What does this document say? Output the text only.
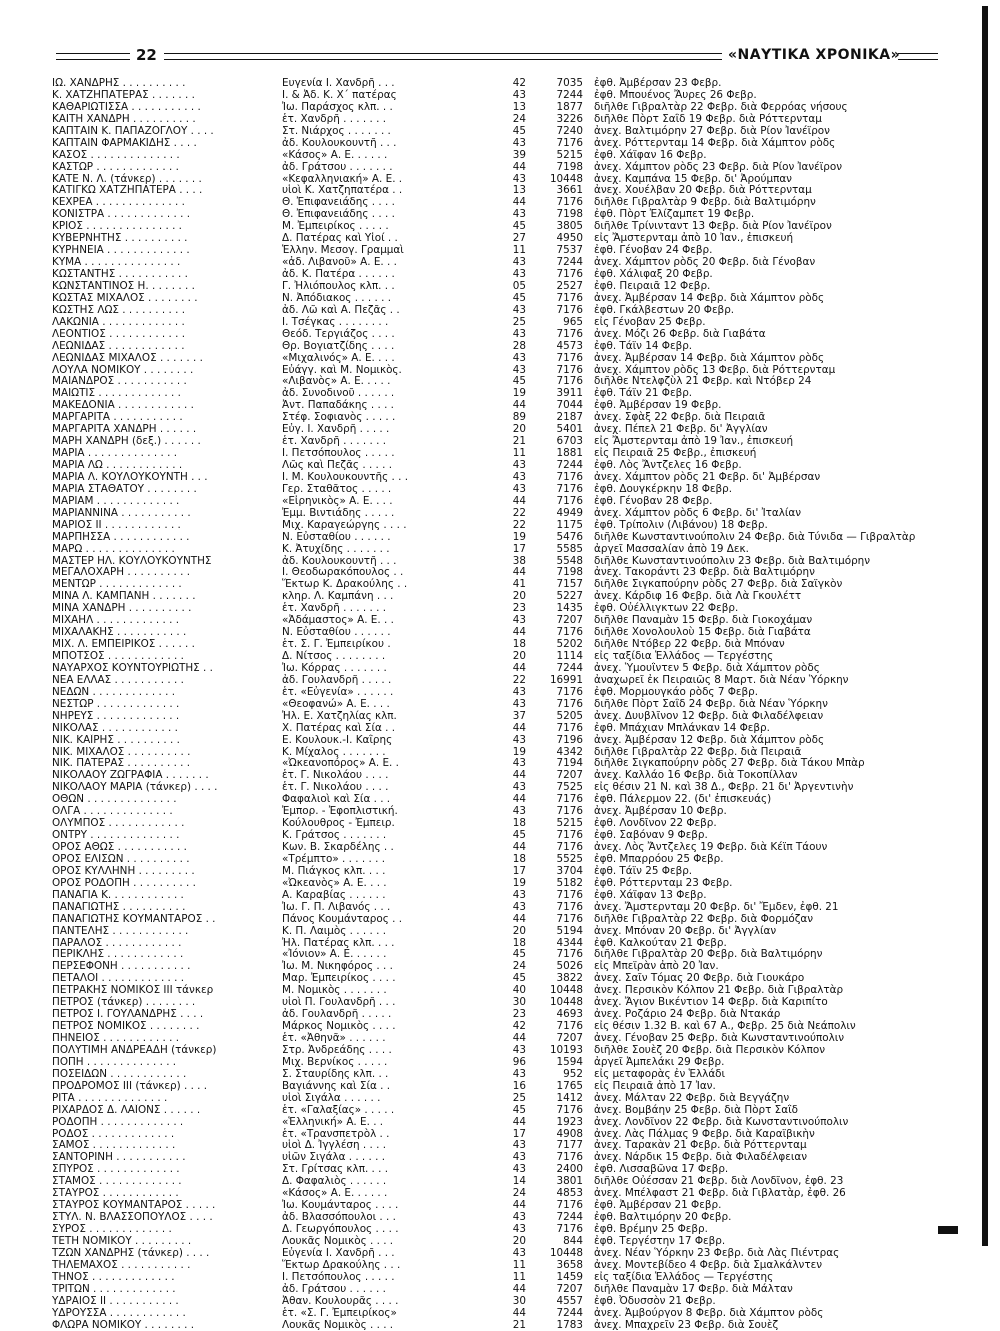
22	«ΝΑΥΤΙΚΑ ΧΡΟΝΙΚΑ»
ΙΩ. ΧΑΝΔΡΗΣ . . . . . . . . . .	Ευγενία Ι. Χανδρῆ . . .	42	7035 ἐφθ. Ἀμβέρσαν 23 Φεβρ.
Κ. ΧΑΤΖΗΠΑΤΕΡΑΣ . . . . . . .	Ι. & Ἀδ. Κ. Χ΄ πατέρας	43	7244 ἐφθ. Μπουένος Ἄυρες 26 Φεβρ.
ΚΑΘΑΡΙΩΤΙΣΣΑ . . . . . . . . . . .	Ἰω. Παράσχος κλπ. . .	13	1877 διῆλθε Γιβραλτὰρ 22 Φεβρ. διὰ Φερρόας νήσους
ΚΑΙΤΗ ΧΑΝΔΡΗ . . . . . . . . . .	ἑτ. Χανδρῆ . . . . . . .	24	3226 διῆλθε Πὸρτ Σαΐδ 19 Φεβρ. διὰ Ρόττερνταμ
ΚΑΠΤΑΙΝ Κ. ΠΑΠΑΖΟΓΛΟΥ . . . .	Στ. Νιάρχος . . . . . . .	45	7240 ἀνεχ. Βαλτιμόρην 27 Φεβρ. διὰ Ρίον Ἰανέϊρον
ΚΑΠΤΑΙΝ ΦΑΡΜΑΚΙΔΗΣ . . . .	ἀδ. Κουλουκουντῆ . . .	43	7176 ἀνεχ. Ρόττερνταμ 14 Φεβρ. διὰ Χάμπτον ρὸδς
ΚΑΣΟΣ . . . . . . . . . . . . . .	«Κάσος» Α. Ε. . . . . .	39	5215 ἐφθ. Χάϊφαν 16 Φεβρ.
ΚΑΣΤΩΡ . . . . . . . . . . . . .	ἀδ. Γράτσου . . . . . . .	44	7198 ἀνεχ. Χάμπτον ρὸδς 23 Φεβρ. διὰ Ρίον Ἰανέϊρον
ΚΑΤΕ Ν. Λ. (τάνκερ) . . . . . . .	«Κεφαλληνιακή» Α. Ε. .	43	10448 ἀνεχ. Καμπάνα 15 Φεβρ. δι' Ἀρούμπαν
ΚΑΤΙΓΚΩ ΧΑΤΖΗΠΑΤΕΡΑ . . . .	υἱοὶ Κ. Χατζηπατέρα . .	13	3661 ἀνεχ. Χουέλβαν 20 Φεβρ. διὰ Ρόττερνταμ
ΚΕΧΡΕΑ . . . . . . . . . . . . . .	Θ. Ἐπιφανειάδης . . . .	44	7176 διῆλθε Γιβραλτὰρ 9 Φεβρ. διὰ Βαλτιμόρην
ΚΟΝΙΣΤΡΑ . . . . . . . . . . . . .	Θ. Ἐπιφανειάδης . . . .	43	7198 ἐφθ. Πὸρτ Ἐλίζαμπετ 19 Φεβρ.
ΚΡΙΟΣ . . . . . . . . . . . . . . .	Μ. Ἐμπειρίκος . . . . .	45	3805 διῆλθε Τρίνινταντ 13 Φεβρ. διὰ Ρίον Ἰανέϊρον
ΚΥΒΕΡΝΗΤΗΣ . . . . . . . . . .	Δ. Πατέρας καὶ Υἱοί . .	27	4950 εἰς Ἄμστερνταμ ἀπὸ 10 Ἰαν., ἐπισκευή
ΚΥΡΗΝΕΙΑ . . . . . . . . . . . . .	Ἑλλην. Μεσογ. Γραμμαὶ	11	7537 ἐφθ. Γένοβαν 24 Φεβρ.
ΚΥΜΑ . . . . . . . . . . . . . . .	«ἀδ. Λιβανοῦ» Α. Ε. . .	43	7244 ἀνεχ. Χάμπτον ρὸδς 20 Φεβρ. διὰ Γένοβαν
ΚΩΣΤΑΝΤΗΣ . . . . . . . . . . .	ἀδ. Κ. Πατέρα . . . . . .	43	7176 ἐφθ. Χάλιφαξ 20 Φεβρ.
ΚΩΝΣΤΑΝΤΙΝΟΣ Η. . . . . . . .	Γ. Ἠλιόπουλος κλπ. . .	05	2527 ἐφθ. Πειραιᾶ 12 Φεβρ.
ΚΩΣΤΑΣ ΜΙΧΑΛΟΣ . . . . . . . .	Ν. Ἀπόδιακος . . . . . .	45	7176 ἀνεχ. Ἀμβέρσαν 14 Φεβρ. διὰ Χάμπτον ρὸδς
ΚΩΣΤΗΣ ΛΩΣ . . . . . . . . . .	ἀδ. Λῶ καὶ Α. Πεζᾶς . .	43	7176 ἐφθ. Γκάλβεστων 20 Φεβρ.
ΛΑΚΩΝΙΑ . . . . . . . . . . . . .	Ι. Τσέγκας . . . . . . . .	25	965 εἰς Γένοβαν 25 Φεβρ.
ΛΕΟΝΤΙΟΣ . . . . . . . . . . . .	Θεόδ. Τεργιάζος . . . .	43	7176 ἀνεχ. Μόζι 26 Φεβρ. διὰ Γιαβάτα
ΛΕΩΝΙΔΑΣ . . . . . . . . . . . .	Θρ. Βογιατζίδης . . . .	28	4573 ἐφθ. Τάϊν 14 Φεβρ.
ΛΕΩΝΙΔΑΣ ΜΙΧΑΛΟΣ . . . . . . .	«Μιχαλινός» Α. Ε. . . .	43	7176 ἀνεχ. Ἀμβέρσαν 14 Φεβρ. διὰ Χάμπτον ρὸδς
ΛΟΥΛΑ ΝΟΜΙΚΟΥ . . . . . . . .	Εὐάγγ. καὶ Μ. Νομικὸς.	43	7176 ἀνεχ. Χάμπτον ρὸδς 13 Φεβρ. διὰ Ρόττερνταμ
ΜΑΙΑΝΔΡΟΣ . . . . . . . . . . .	«Λιβανὸς» Α. Ε. . . . .	45	7176 διῆλθε Ντελφζὺλ 21 Φεβρ. καὶ Ντόβερ 24
ΜΑΙΩΤΙΣ . . . . . . . . . . . . .	ἀδ. Συνοδινοῦ . . . . . .	19	3911 ἐφθ. Τάϊν 21 Φεβρ.
ΜΑΚΕΔΟΝΙΑ . . . . . . . . . . . .	Ἀντ. Παπαδάκης . . . .	44	7044 ἐφθ. Ἀμβέρσαν 19 Φεβρ.
ΜΑΡΓΑΡΙΤΑ . . . . . . . . . . .	Στέφ. Σοφιανὸς . . . . .	89	2187 ἀνεχ. Σφὰξ 22 Φεβρ. διὰ Πειραιᾶ
ΜΑΡΓΑΡΙΤΑ ΧΑΝΔΡΗ . . . . . .	Εὐγ. Ι. Χανδρῆ . . . . .	20	5401 ἀνεχ. Πέπελ 21 Φεβρ. δι' Ἀγγλίαν
ΜΑΡΗ ΧΑΝΔΡΗ (δεξ.) . . . . . .	ἑτ. Χανδρῆ . . . . . . .	21	6703 εἰς Ἄμστερνταμ ἀπὸ 19 Ἰαν., ἐπισκευή
ΜΑΡΙΑ . . . . . . . . . . . . . .	Ι. Πετσόπουλος . . . . .	11	1881 εἰς Πειραιᾶ 25 Φεβρ., ἐπισκευή
ΜΑΡΙΑ ΛΩ . . . . . . . . . . . .	Λῶς καὶ Πεζᾶς . . . . .	43	7244 ἐφθ. Λὸς Ἄντζελες 16 Φεβρ.
ΜΑΡΙΑ Λ. ΚΟΥΛΟΥΚΟΥΝΤΗ . . .	Ι. Μ. Κουλουκουντῆς . . .	43	7176 ἀνεχ. Χάμπτον ρὸδς 21 Φεβρ. δι' Ἀμβέρσαν
ΜΑΡΙΑ ΣΤΑΘΑΤΟΥ . . . . . . . .	Γερ. Σταθᾶτος . . . . .	43	7176 ἐφθ. Δουγκέρκην 18 Φεβρ.
ΜΑΡΙΑΜ . . . . . . . . . . . . .	«Εἰρηνικὸς» Α. Ε. . . .	44	7176 ἐφθ. Γένοβαν 28 Φεβρ.
ΜΑΡΙΑΝΝΙΝΑ . . . . . . . . . . .	Ἐμμ. Βιντιάδης . . . . .	22	4949 ἀνεχ. Χάμπτον ρὸδς 6 Φεβρ. δι' Ἰταλίαν
ΜΑΡΙΟΣ ΙΙ . . . . . . . . . . . .	Μιχ. Καραγεώργης . . . .	22	1175 ἐφθ. Τρίπολιν (Λιβάνου) 18 Φεβρ.
ΜΑΡΠΗΣΣΑ . . . . . . . . . . . .	Ν. Εὐσταθίου . . . . . .	19	5476 διῆλθε Κωνσταντινούπολιν 24 Φεβρ. διὰ Τύνιδα — Γιβραλτὰρ
ΜΑΡΩ . . . . . . . . . . . . . .	Κ. Ἀτυχίδης . . . . . . .	17	5585 ἀργεῖ Μασσαλίαν ἀπὸ 19 Δεκ.
ΜΑΣΤΕΡ ΗΛ. ΚΟΥΛΟΥΚΟΥΝΤΗΣ	ἀδ. Κουλουκουντῆ . . .	38	5548 διῆλθε Κωνσταντινούπολιν 23 Φεβρ. διὰ Βαλτιμόρην
ΜΕΓΑΛΟΧΑΡΗ . . . . . . . . . .	Ι. Θεοδωρακόπουλος . .	44	7198 ἀνεχ. Τακοράντι 23 Φεβρ. διὰ Βαλτιμόρην
ΜΕΝΤΩΡ . . . . . . . . . . . . .	Ἕκτωρ Κ. Δρακούλης . .	41	7157 διῆλθε Σιγκαπούρην ρὸδς 27 Φεβρ. διὰ Σαϊγκὸν
ΜΙΝΑ Λ. ΚΑΜΠΑΝΗ . . . . . . .	κληρ. Λ. Καμπάνη . . .	20	5227 ἀνεχ. Κάρδιφ 16 Φεβρ. διὰ Λὰ Γκουλέττ
ΜΙΝΑ ΧΑΝΔΡΗ . . . . . . . . . .	ἑτ. Χανδρῆ . . . . . . .	23	1435 ἐφθ. Οὐέλλιγκτων 22 Φεβρ.
ΜΙΧΑΗΛ . . . . . . . . . . . . .	«Ἀδάμαστος» Α. Ε. . .	43	7207 διῆλθε Παναμὰν 15 Φεβρ. διὰ Γιοκοχάμαν
ΜΙΧΑΛΑΚΗΣ . . . . . . . . . . .	Ν. Εὐσταθίου . . . . . .	44	7176 διῆλθε Χονολουλοὺ 15 Φεβρ. διὰ Γιαβάτα
ΜΙΧ. Λ. ΕΜΠΕΙΡΙΚΟΣ . . . . . .	ἑτ. Σ. Γ. Ἐμπειρίκου .	18	5202 διῆλθε Ντόβερ 22 Φεβρ. διὰ Μπόναν
ΜΠΟΤΣΟΣ . . . . . . . . . . . .	Δ. Νίτσος . . . . . . . .	20	1114 εἰς ταξίδια Ἑλλάδος — Τεργέστης
ΝΑΥΑΡΧΟΣ ΚΟΥΝΤΟΥΡΙΩΤΗΣ . .	Ἰω. Κόρρας . . . . . . .	44	7244 ἀνεχ. Ὑμουΐντεν 5 Φεβρ. διὰ Χάμπτον ρὸδς
ΝΕΑ ΕΛΛΑΣ . . . . . . . . . . .	ἀδ. Γουλανδρῆ . . . . .	22	16991 ἀναχωρεῖ ἐκ Πειραιῶς 8 Μαρτ. διὰ Νέαν Ὑόρκην
ΝΕΔΩΝ . . . . . . . . . . . . .	ἑτ. «Εὐγενία» . . . . . .	43	7176 ἐφθ. Μορμουγκάο ρὸδς 7 Φεβρ.
ΝΕΣΤΩΡ . . . . . . . . . . . . .	«Θεοφανώ» Α. Ε. . . .	43	7176 διῆλθε Πὸρτ Σαΐδ 24 Φεβρ. διὰ Νέαν Ὑόρκην
ΝΗΡΕΥΣ . . . . . . . . . . . . .	Ἠλ. Ε. Χατζηλίας κλπ.	37	5205 ἀνεχ. Δυυβλῖνον 12 Φεβρ. διὰ Φιλαδέλφειαν
ΝΙΚΟΛΑΣ . . . . . . . . . . . .	Χ. Πατέρας καὶ Σία . .	44	7176 ἐφθ. Μπάχιαν Μπλάνκαν 14 Φεβρ.
ΝΙΚ. ΚΑΪΡΗΣ . . . . . . . . . .	Ε. Κουλουκ.-Ι. Καΐρης	43	7196 ἀνεχ. Ἀμβέρσαν 12 Φεβρ. διὰ Χάμπτον ρὸδς
ΝΙΚ. ΜΙΧΑΛΟΣ . . . . . . . . . .	Κ. Μίχαλος . . . . . . .	19	4342 διῆλθε Γιβραλτὰρ 22 Φεβρ. διὰ Πειραιᾶ
ΝΙΚ. ΠΑΤΕΡΑΣ . . . . . . . . . .	«Ὠκεανοπόρος» Α. Ε. .	43	7194 διῆλθε Σιγκαπούρην ρὸδς 27 Φεβρ. διὰ Τάκου Μπὰρ
ΝΙΚΟΛΑΟΥ ΖΩΓΡΑΦΙΑ . . . . . . .	ἑτ. Γ. Νικολάου . . . .	44	7207 ἀνεχ. Καλλάο 16 Φεβρ. διὰ Τοκοπίλλαν
ΝΙΚΟΛΑΟΥ ΜΑΡΙΑ (τάνκερ) . . . .	ἑτ. Γ. Νικολάου . . . .	43	7525 εἰς θέσιν 21 Ν. καὶ 38 Δ., Φεβρ. 21 δι' Ἀργεντινὴν
ΟΘΩΝ . . . . . . . . . . . . . .	Φαφαλιοὶ καὶ Σία . . .	44	7176 ἐφθ. Πάλερμον 22. (δι' ἐπισκευάς)
ΟΛΓΑ . . . . . . . . . . . . . .	Ἐμπορ. - Ἐφοπλιστική.	43	7176 ἀνεχ. Ἀμβέρσαν 10 Φεβρ.
ΟΛΥΜΠΟΣ . . . . . . . . . . . .	Κούλουθρος - Ἐμπειρ.	18	5215 ἐφθ. Λονδῖνον 22 Φεβρ.
ΟΝΤΡΥ . . . . . . . . . . . . . .	Κ. Γράτσος . . . . . . .	45	7176 ἐφθ. Σαβόναν 9 Φεβρ.
ΟΡΟΣ ΑΘΩΣ . . . . . . . . . . .	Κων. Β. Σκαρδέλης . .	44	7176 ἀνεχ. Λὸς Ἄντζελες 19 Φεβρ. διὰ Κέϊπ Τάουν
ΟΡΟΣ ΕΛΙΣΩΝ . . . . . . . . . .	«Τρέμπτο» . . . . . . .	18	5525 ἐφθ. Μπαρρόου 25 Φεβρ.
ΟΡΟΣ ΚΥΛΛΗΝΗ . . . . . . . . .	Μ. Πιάγκος κλπ. . . .	17	3704 ἐφθ. Τάϊν 25 Φεβρ.
ΟΡΟΣ ΡΟΔΟΠΗ . . . . . . . . . .	«Ὠκεανὸς» Α. Ε. . . .	19	5182 ἐφθ. Ρόττερνταμ 23 Φεβρ.
ΠΑΝΑΓΙΑ Κ. . . . . . . . . . . .	Α. Καραβίας . . . . . .	43	7176 ἐφθ. Χάϊφαν 13 Φεβρ.
ΠΑΝΑΓΙΩΤΗΣ . . . . . . . . . .	Ἰω. Γ. Π. Λιβανός . . .	43	7176 ἀνεχ. Ἄμστερνταμ 20 Φεβρ. δι' Ἔμδεν, ἐφθ. 21
ΠΑΝΑΓΙΩΤΗΣ ΚΟΥΜΑΝΤΑΡΟΣ . .	Πάνος Κουμάνταρος . .	44	7176 διῆλθε Γιβραλτὰρ 22 Φεβρ. διὰ Φορμόζαν
ΠΑΝΤΕΛΗΣ . . . . . . . . . . . .	Κ. Π. Λαιμὸς . . . . . .	20	5194 ἀνεχ. Μπόναν 20 Φεβρ. δι' Ἀγγλίαν
ΠΑΡΑΛΟΣ . . . . . . . . . . . .	Ἠλ. Πατέρας κλπ. . . .	18	4344 ἐφθ. Καλκούταν 21 Φεβρ.
ΠΕΡΙΚΛΗΣ . . . . . . . . . . . .	«Ἰόνιον» Α. Ε. . . . . .	45	7176 διῆλθε Γιβραλτὰρ 20 Φεβρ. διὰ Βαλτιμόρην
ΠΕΡΣΕΦΟΝΗ . . . . . . . . . . .	Ἰω. Μ. Νικηφόρος . . .	24	5026 εἰς Μπεϊρὰν ἀπὸ 20 Ἰαν.
ΠΕΤΑΛΟΙ . . . . . . . . . . . . .	Μαρ. Ἐμπειρίκος . . . .	45	3822 ἀνεχ. Σαῖν Τόμας 20 Φεβρ. διὰ Γιουκάρο
ΠΕΤΡΑΚΗΣ ΝΟΜΙΚΟΣ ΙΙΙ τάνκερ	Μ. Νομικὸς . . . . . . .	40	10448 ἀνεχ. Περσικὸν Κόλπον 21 Φεβρ. διὰ Γιβραλτὰρ
ΠΕΤΡΟΣ (τάνκερ) . . . . . . . .	υἱοὶ Π. Γουλανδρῆ . . .	30	10448 ἀνεχ. Ἄγιον Βικέντιον 14 Φεβρ. διὰ Καριπίτο
ΠΕΤΡΟΣ Ι. ΓΟΥΛΑΝΔΡΗΣ . . . .	ἀδ. Γουλανδρῆ . . . . .	23	4693 ἀνεχ. Ροζάριο 24 Φεβρ. διὰ Ντακάρ
ΠΕΤΡΟΣ ΝΟΜΙΚΟΣ . . . . . . . .	Μάρκος Νομικὸς . . . .	42	7176 εἰς θέσιν 1.32 Β. καὶ 67 Α., Φεβρ. 25 διὰ Νεάπολιν
ΠΗΝΕΙΟΣ . . . . . . . . . . . .	ἑτ. «Ἀθηνᾶ» . . . . . .	44	7207 ἀνεχ. Γένοβαν 25 Φεβρ. διὰ Κωνσταντινούπολιν
ΠΟΛΥΤΙΜΗ ΑΝΔΡΕΑΔΗ (τάνκερ)	Στρ. Ἀνδρεάδης . . . .	43	10193 διῆλθε Σουὲζ 20 Φεβρ. διὰ Περσικὸν Κόλπον
ΠΟΠΗ . . . . . . . . . . . . . .	Μιχ. Βερνίκος . . . . .	96	1594 ἀργεῖ Ἀμπελάκι 29 Φεβρ.
ΠΟΣΕΙΔΩΝ . . . . . . . . . . . .	Σ. Σταυρίδης κλπ. . .	43	952 εἰς μεταφορὰς ἐν Ἑλλάδι
ΠΡΟΔΡΟΜΟΣ ΙΙΙ (τάνκερ) . . . .	Βαγιάννης καὶ Σία . .	16	1765 εἰς Πειραιᾶ ἀπὸ 17 Ἰαν.
ΡΙΤΑ . . . . . . . . . . . . . .	υἱοὶ Σιγάλα . . . . . .	25	1412 ἀνεχ. Μάλταν 22 Φεβρ. διὰ Βεγγάζην
ΡΙΧΑΡΔΟΣ Δ. ΛΑΪΟΝΣ . . . . . .	ἑτ. «Γαλαξίας» . . . . .	45	7176 ἀνεχ. Βομβάην 25 Φεβρ. διὰ Πὸρτ Σαΐδ
ΡΟΔΟΠΗ . . . . . . . . . . . . .	«Ἑλληνική» Α. Ε. . .	44	1923 ἀνεχ. Λονδῖνον 22 Φεβρ. διὰ Κωνσταντινούπολιν
ΡΟΔΟΣ . . . . . . . . . . . . .	ἑτ. «Τρανσπετρὸλ . .	17	4908 ἀνεχ. Λὰς Πάλμας 9 Φεβρ. διὰ Καραϊβικὴν
ΣΑΜΟΣ . . . . . . . . . . . . .	υἱοὶ Δ. Ἰγγλέση . . . .	43	7177 ἀνεχ. Ταρακὰν 21 Φεβρ. διὰ Ρόττερνταμ
ΣΑΝΤΟΡΙΝΗ . . . . . . . . . . .	υἱῶν Σιγάλα . . . . . .	43	7176 ἀνεχ. Νάρδικ 15 Φεβρ. διὰ Φιλαδέλφειαν
ΣΠΥΡΟΣ . . . . . . . . . . . . .	Στ. Γρίτσας κλπ. . . .	43	2400 ἐφθ. Λισσαβῶνα 17 Φεβρ.
ΣΤΑΜΟΣ . . . . . . . . . . . . .	Δ. Φαφαλιὸς . . . . . .	14	3801 διῆλθε Οὐέσσαν 21 Φεβρ. διὰ Λονδῖνον, ἐφθ. 23
ΣΤΑΥΡΟΣ . . . . . . . . . . . .	«Κάσος» Α. Ε. . . . . .	24	4853 ἀνεχ. Μπέλφαστ 21 Φεβρ. διὰ Γιβλατὰρ, ἐφθ. 26
ΣΤΑΥΡΟΣ ΚΟΥΜΑΝΤΑΡΟΣ . . . . .	Ἰω. Κουμάνταρος . . . .	44	7176 ἐφθ. Ἀμβέρσαν 21 Φεβρ.
ΣΤΥΛ. Ν. ΒΛΑΣΣΟΠΟΥΛΟΣ . . . .	ἀδ. Βλασσόπουλοι . . .	43	7244 ἐφθ. Βαλτιμόρην 20 Φεβρ.
ΣΥΡΟΣ . . . . . . . . . . . . .	Δ. Γεωργόπουλος . . . .	43	7176 ἐφθ. Βρέμην 25 Φεβρ.
ΤΕΤΗ ΝΟΜΙΚΟΥ . . . . . . . . .	Λουκᾶς Νομικὸς . . . .	20	844 ἐφθ. Τεργέστην 17 Φεβρ.
ΤΖΩΝ ΧΑΝΔΡΗΣ (τάνκερ) . . . .	Εὐγενία Ι. Χανδρῆ . . .	43	10448 ἀνεχ. Νέαν Ὑόρκην 23 Φεβρ. διὰ Λὰς Πιέντρας
ΤΗΛΕΜΑΧΟΣ . . . . . . . . . . .	Ἕκτωρ Δρακούλης . . .	11	3658 ἀνεχ. Μοντεβίδεο 4 Φεβρ. διὰ Σμαλκάλντεν
ΤΗΝΟΣ . . . . . . . . . . . . .	Ι. Πετσόπουλος . . . . .	11	1459 εἰς ταξίδια Ἑλλάδος — Τεργέστης
ΤΡΙΤΩΝ . . . . . . . . . . . . .	ἀδ. Γράτσου . . . . . .	44	7207 διῆλθε Παναμὰν 17 Φεβρ. διὰ Μάλταν
ΥΔΡΑΙΟΣ ΙΙ . . . . . . . . . . .	Ἀθαν. Κουλουρᾶς . . . .	30	4557 ἐφθ. Ὀδυσσὸν 21 Φεβρ.
ΥΔΡΟΥΣΣΑ . . . . . . . . . . . .	ἑτ. «Σ. Γ. Ἐμπειρίκος»	44	7244 ἀνεχ. Ἀμβούργον 8 Φεβρ. διὰ Χάμπτον ρὸδς
ΦΛΩΡΑ ΝΟΜΙΚΟΥ . . . . . . . .	Λουκᾶς Νομικὸς . . . .	21	1783 ἀνεχ. Μπαχρεῖν 23 Φεβρ. διὰ Σουὲζ
